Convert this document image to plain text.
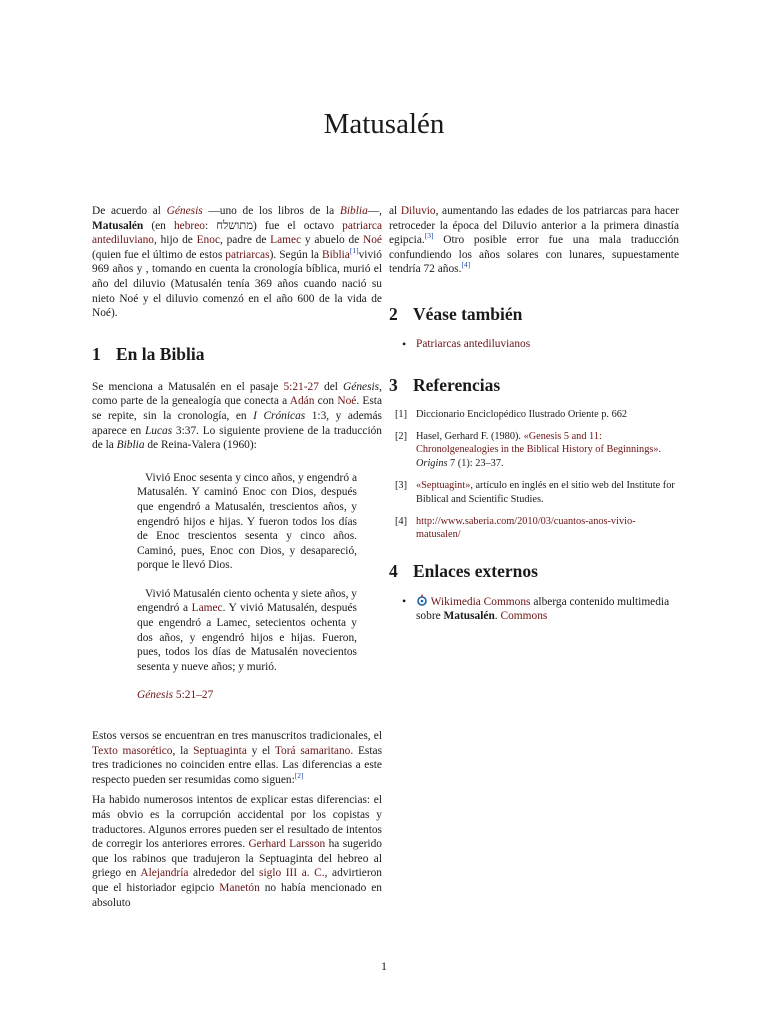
Matusalén

De acuerdo al Génesis —uno de los libros de la Biblia—, Matusalén (en hebreo: מתושלח) fue el octavo patriarca antediluviano, hijo de Enoc, padre de Lamec y abuelo de Noé (quien fue el último de estos patriarcas). Según la Biblia[1]vivió 969 años y , tomando en cuenta la cronología bíblica, murió el año del diluvio (Matusalén tenía 369 años cuando nació su nieto Noé y el diluvio comenzó en el año 600 de la vida de Noé).

1 En la Biblia

Se menciona a Matusalén en el pasaje 5:21-27 del Génesis, como parte de la genealogía que conecta a Adán con Noé. Esta se repite, sin la cronología, en I Crónicas 1:3, y además aparece en Lucas 3:37. Lo siguiente proviene de la traducción de la Biblia de Reina-Valera (1960):

Vivió Enoc sesenta y cinco años, y engendró a Matusalén. Y caminó Enoc con Dios, después que engendró a Matusalén, trescientos años, y engendró hijos e hijas. Y fueron todos los días de Enoc trescientos sesenta y cinco años. Caminó, pues, Enoc con Dios, y desapareció, porque le llevó Dios.

Vivió Matusalén ciento ochenta y siete años, y engendró a Lamec. Y vivió Matusalén, después que engendró a Lamec, setecientos ochenta y dos años, y engendró hijos e hijas. Fueron, pues, todos los días de Matusalén novecientos sesenta y nueve años; y murió.

Génesis 5:21–27

Estos versos se encuentran en tres manuscritos tradicionales, el Texto masorético, la Septuaginta y el Torá samaritano. Estas tres tradiciones no coinciden entre ellas. Las diferencias a este respecto pueden ser resumidas como siguen:[2]

Ha habido numerosos intentos de explicar estas diferencias: el más obvio es la corrupción accidental por los copistas y traductores. Algunos errores pueden ser el resultado de intentos de corregir los anteriores errores. Gerhard Larsson ha sugerido que los rabinos que tradujeron la Septuaginta del hebreo al griego en Alejandría alrededor del siglo III a. C., advirtieron que el historiador egipcio Manetón no había mencionado en absoluto

al Diluvio, aumentando las edades de los patriarcas para hacer retroceder la época del Diluvio anterior a la primera dinastía egipcia.[3] Otro posible error fue una mala traducción confundiendo los años solares con lunares, supuestamente tendría 72 años.[4]

2 Véase también
• Patriarcas antediluvianos
3 Referencias
[1] Diccionario Enciclopédico Ilustrado Oriente p. 662
[2] Hasel, Gerhard F. (1980). «Genesis 5 and 11: Chronolgenealogies in the Biblical History of Beginnings». Origins 7 (1): 23–37.
[3] «Septuagint», artículo en inglés en el sitio web del Institute for Biblical and Scientific Studies.
[4] http://www.saberia.com/2010/03/cuantos-anos-vivio-matusalen/
4 Enlaces externos
• Wikimedia Commons alberga contenido multimedia sobre Matusalén. Commons
1
